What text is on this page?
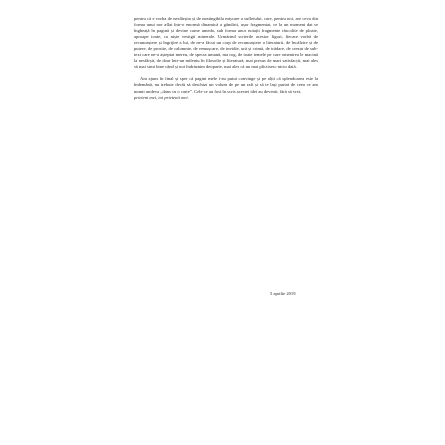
pentru că e vorba de nesfârșita și de neatingibila mișcare a sufletului, care, pentru noi, are ceva din forma unui nor aflat într-o enormă dinamică a gândirii, ușor fragmentat, ce la un moment dat se îngheață în pagină și devine carne umeda, sub forma unor notații fragmente răscolite de ploaie, aproape toate, ca niște vestigii minerale. Urmărind scrierile acestor figuri, fiecare vorbă de recunoaștere și îngrijire a lui, de ne-a făcut un corp de recunoaștere a literaturii, de încălzire și de putere, de prostie, de calomnie, de remușcare, de invidie, ură și crimă, de trădare, de crezut de sub-text care ne-a așteptat mereu, de specia umană, ma rog, de toate temele pe care omenirea le macină la nesfârșit, de doar într-un mileniu în filosofie și literatură, mai presus de mari satisfacții, mai ales să mai simt bine când și noi îndrăznim deoparte, mai ales că nu mai plictisesc nicio dată.

Am ajuns în final și sper că pagini mele i-au putut convinge și pe alții că splendoarea este la îndemână, nu trebuie decât să deschizi un volum de pe un raft și să te lași purtat de ceea ce am numit undeva „dans cu o carte”. Cele ce au fost în scris acestei idei au devenit, fără să vrei,

prieteni mei, tot prietenii mei.

5 aprilie 2019
